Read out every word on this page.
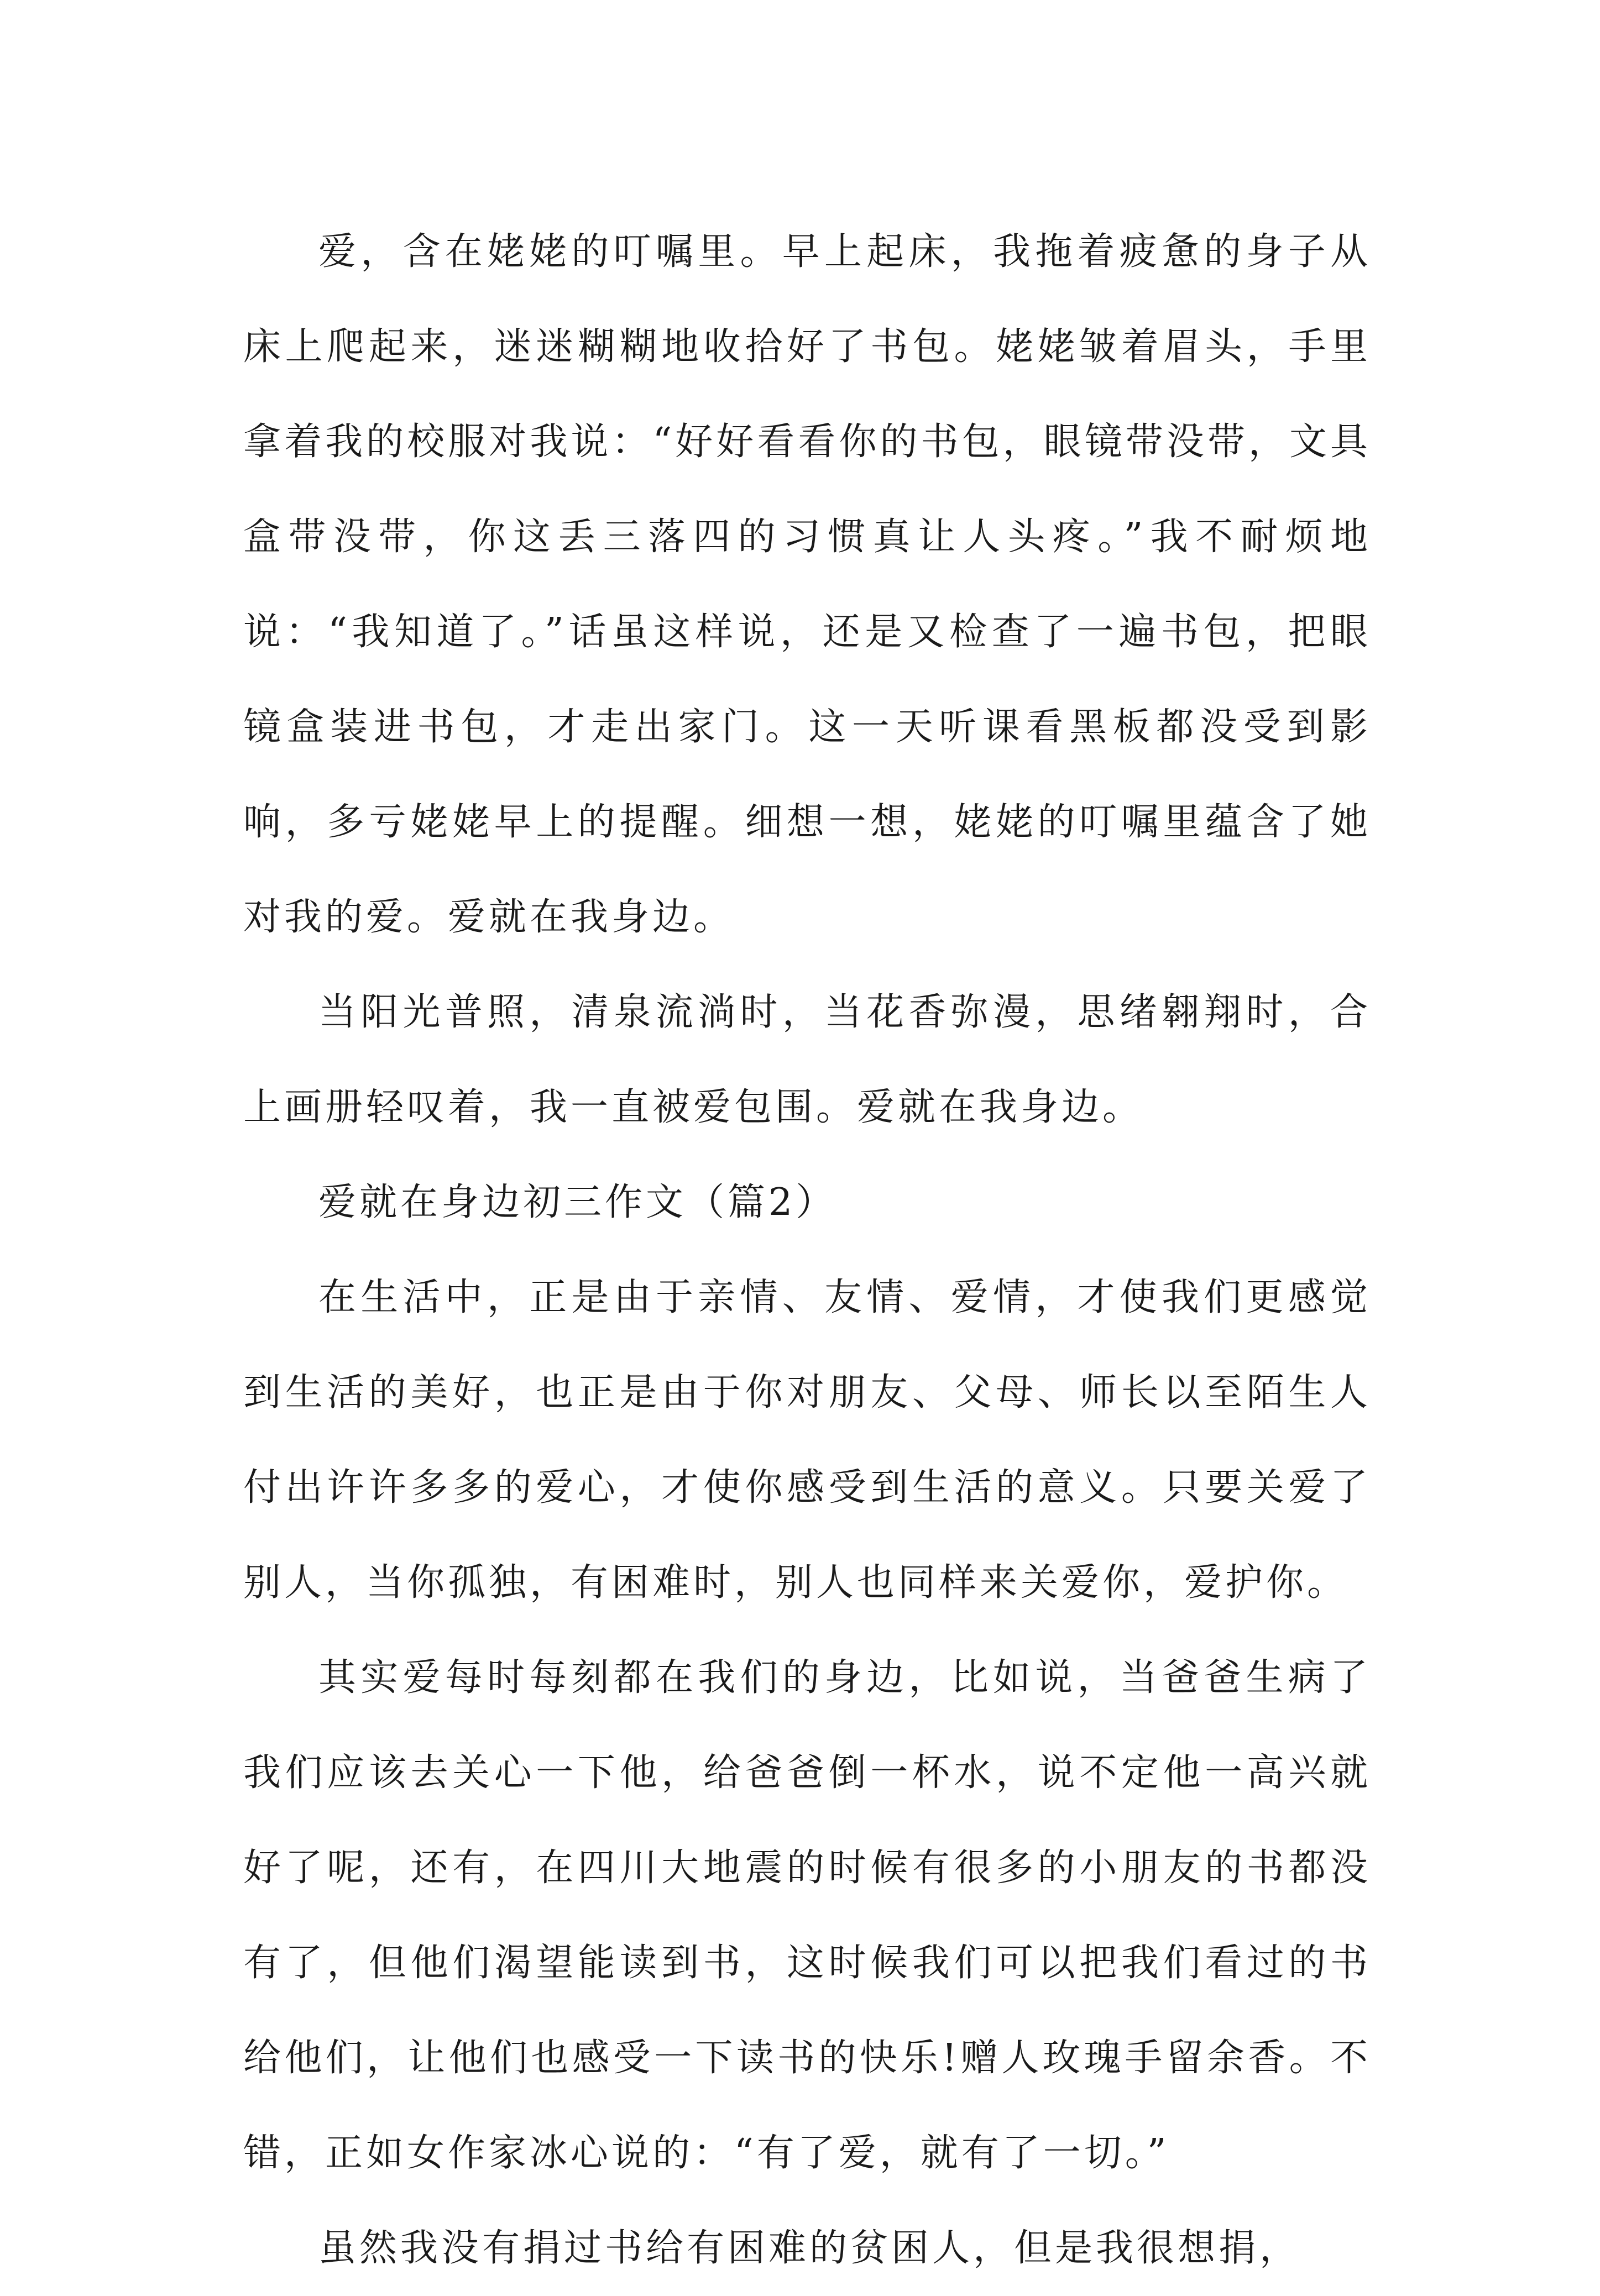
爱，含在姥姥的叮嘱里。早上起床，我拖着疲惫的身子从床上爬起来，迷迷糊糊地收拾好了书包。姥姥皱着眉头，手里拿着我的校服对我说：“好好看看你的书包，眼镜带没带，文具盒带没带，你这丢三落四的习惯真让人头疼。”我不耐烦地说：“我知道了。”话虽这样说，还是又检查了一遍书包，把眼镜盒装进书包，才走出家门。这一天听课看黑板都没受到影响，多亏姥姥早上的提醒。细想一想，姥姥的叮嘱里蕴含了她对我的爱。爱就在我身边。

当阳光普照，清泉流淌时，当花香弥漫，思绪翱翔时，合上画册轻叹着，我一直被爱包围。爱就在我身边。

爱就在身边初三作文（篇2）

在生活中，正是由于亲情、友情、爱情，才使我们更感觉到生活的美好，也正是由于你对朋友、父母、师长以至陌生人付出许许多多的爱心，才使你感受到生活的意义。只要关爱了别人，当你孤独，有困难时，别人也同样来关爱你，爱护你。

其实爱每时每刻都在我们的身边，比如说，当爸爸生病了我们应该去关心一下他，给爸爸倒一杯水，说不定他一高兴就好了呢，还有，在四川大地震的时候有很多的小朋友的书都没有了，但他们渴望能读到书，这时候我们可以把我们看过的书给他们，让他们也感受一下读书的快乐!赠人玫瑰手留余香。不错，正如女作家冰心说的：“有了爱，就有了一切。”

虽然我没有捐过书给有困难的贫困人，但是我很想捐，
